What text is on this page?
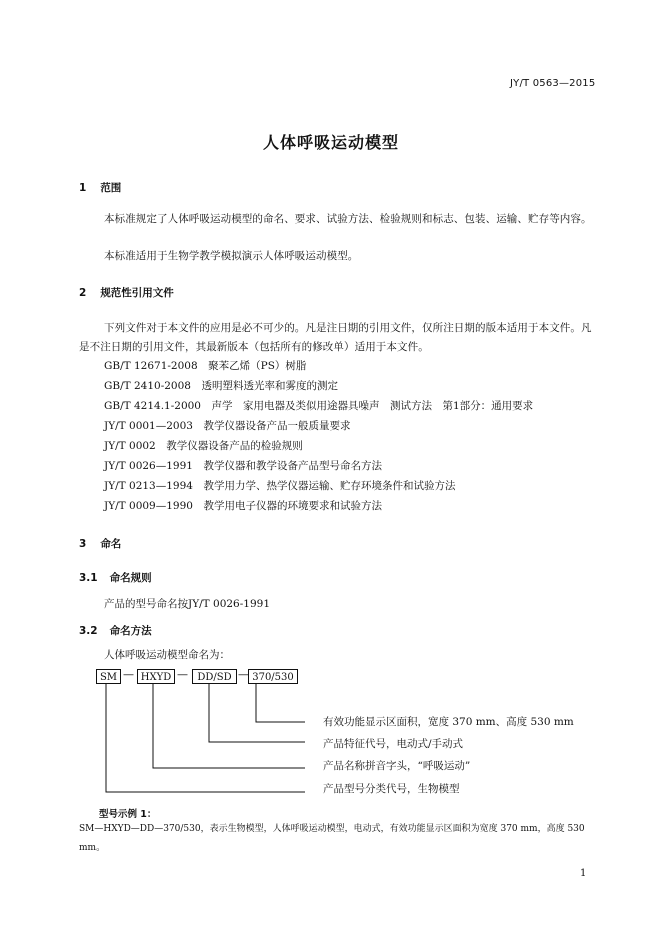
JY/T 0563—2015
人体呼吸运动模型
1 范围
本标准规定了人体呼吸运动模型的命名、要求、试验方法、检验规则和标志、包装、运输、贮存等内容。
本标准适用于生物学教学模拟演示人体呼吸运动模型。
2 规范性引用文件
下列文件对于本文件的应用是必不可少的。凡是注日期的引用文件，仅所注日期的版本适用于本文件。凡是不注日期的引用文件，其最新版本（包括所有的修改单）适用于本文件。
GB/T 12671-2008　聚苯乙烯（PS）树脂
GB/T 2410-2008　透明塑料透光率和雾度的测定
GB/T 4214.1-2000　声学　家用电器及类似用途器具噪声　测试方法　第1部分：通用要求
JY/T 0001—2003　教学仪器设备产品一般质量要求
JY/T 0002　教学仪器设备产品的检验规则
JY/T 0026—1991　教学仪器和教学设备产品型号命名方法
JY/T 0213—1994　教学用力学、热学仪器运输、贮存环境条件和试验方法
JY/T 0009—1990　教学用电子仪器的环境要求和试验方法
3 命名
3.1 命名规则
产品的型号命名按JY/T 0026-1991
3.2 命名方法
人体呼吸运动模型命名为：
SM — HXYD — DD/SD — 370/530
有效功能显示区面积，宽度 370 mm、高度 530 mm
产品特征代号，电动式/手动式
产品名称拼音字头，“呼吸运动”
产品型号分类代号，生物模型
型号示例 1：
SM—HXYD—DD—370/530，表示生物模型，人体呼吸运动模型，电动式，有效功能显示区面积为宽度 370 mm，高度 530 mm。
1
